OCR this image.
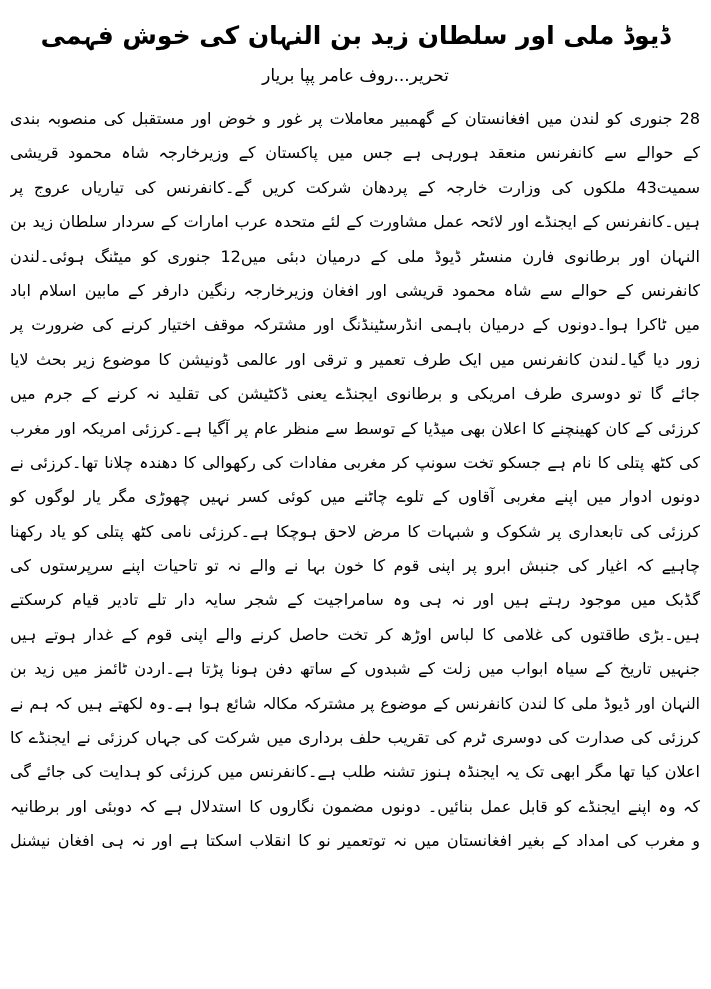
ڈیوڈ ملی اور سلطان زید بن النہان کی خوش فہمی
تحریر...روف عامر پپا بریار
28 جنوری کو لندن میں افغانستان کے گھمبیر معاملات پر غور و خوض اور مستقبل کی منصوبہ بندی
کے حوالے سے کانفرنس منعقد ہورہی ہے جس میں پاکستان کے وزیرخارجہ شاہ محمود قریشی
سمیت43 ملکوں کی وزارت خارجہ کے پردھان شرکت کریں گے۔کانفرنس کی تیاریاں عروج پر
ہیں۔کانفرنس کے ایجنڈے اور لائحہ عمل مشاورت کے لئے متحدہ عرب امارات کے سردار سلطان زید بن
النہان اور برطانوی فارن منسٹر ڈیوڈ ملی کے درمیان دبئی میں12 جنوری کو میٹنگ ہوئی۔لندن
کانفرنس کے حوالے سے شاہ محمود قریشی اور افغان وزیرخارجہ رنگین دارفر کے مابین اسلام اباد
میں ٹاکرا ہوا۔دونوں کے درمیان باہمی انڈرسٹینڈنگ اور مشترکہ موقف اختیار کرنے کی ضرورت پر
زور دیا گیا۔لندن کانفرنس میں ایک طرف تعمیر و ترقی اور عالمی ڈونیشن کا موضوع زیر بحث لایا
جائے گا تو دوسری طرف امریکی و برطانوی ایجنڈے یعنی ڈکٹیشن کی تقلید نہ کرنے کے جرم میں
کرزئی کے کان کھینچنے کا اعلان بھی میڈیا کے توسط سے منظر عام پر آگیا ہے۔کرزئی امریکہ اور مغرب
کی کٹھ پتلی کا نام ہے جسکو تخت سونپ کر مغربی مفادات کی رکھوالی کا دھندہ چلانا تھا۔کرزئی نے
دونوں ادوار میں اپنے مغربی آقاوں کے تلوے چاٹنے میں کوئی کسر نہیں چھوڑی مگر یار لوگوں کو
کرزئی کی تابعداری پر شکوک و شبہات کا مرض لاحق ہوچکا ہے۔کرزئی نامی کٹھ پتلی کو یاد رکھنا
چاہیے کہ اغیار کی جنبش ابرو پر اپنی قوم کا خون بہا نے والے نہ تو تاحیات اپنے سرپرستوں کی
گڈبک میں موجود رہتے ہیں اور نہ ہی وہ سامراجیت کے شجر سایہ دار تلے تادیر قیام کرسکتے
ہیں۔بڑی طاقتوں کی غلامی کا لباس اوڑھ کر تخت حاصل کرنے والے اپنی قوم کے غدار ہوتے ہیں
جنہیں تاریخ کے سیاہ ابواب میں زلت کے شبدوں کے ساتھ دفن ہونا پڑتا ہے۔اردن ٹائمز میں زید بن
النہان اور ڈیوڈ ملی کا لندن کانفرنس کے موضوع پر مشترکہ مکالہ شائع ہوا ہے۔وہ لکھتے ہیں کہ ہم نے
کرزئی کی صدارت کی دوسری ٹرم کی تقریب حلف برداری میں شرکت کی جہاں کرزئی نے ایجنڈے کا
اعلان کیا تھا مگر ابھی تک یہ ایجنڈہ ہنوز تشنہ طلب ہے۔کانفرنس میں کرزئی کو ہدایت کی جائے گی
کہ وہ اپنے ایجنڈے کو قابل عمل بنائیں۔ دونوں مضمون نگاروں کا استدلال ہے کہ دوبئی اور برطانیہ
و مغرب کی امداد کے بغیر افغانستان میں نہ توتعمیر نو کا انقلاب اسکتا ہے اور نہ ہی افغان نیشنل
